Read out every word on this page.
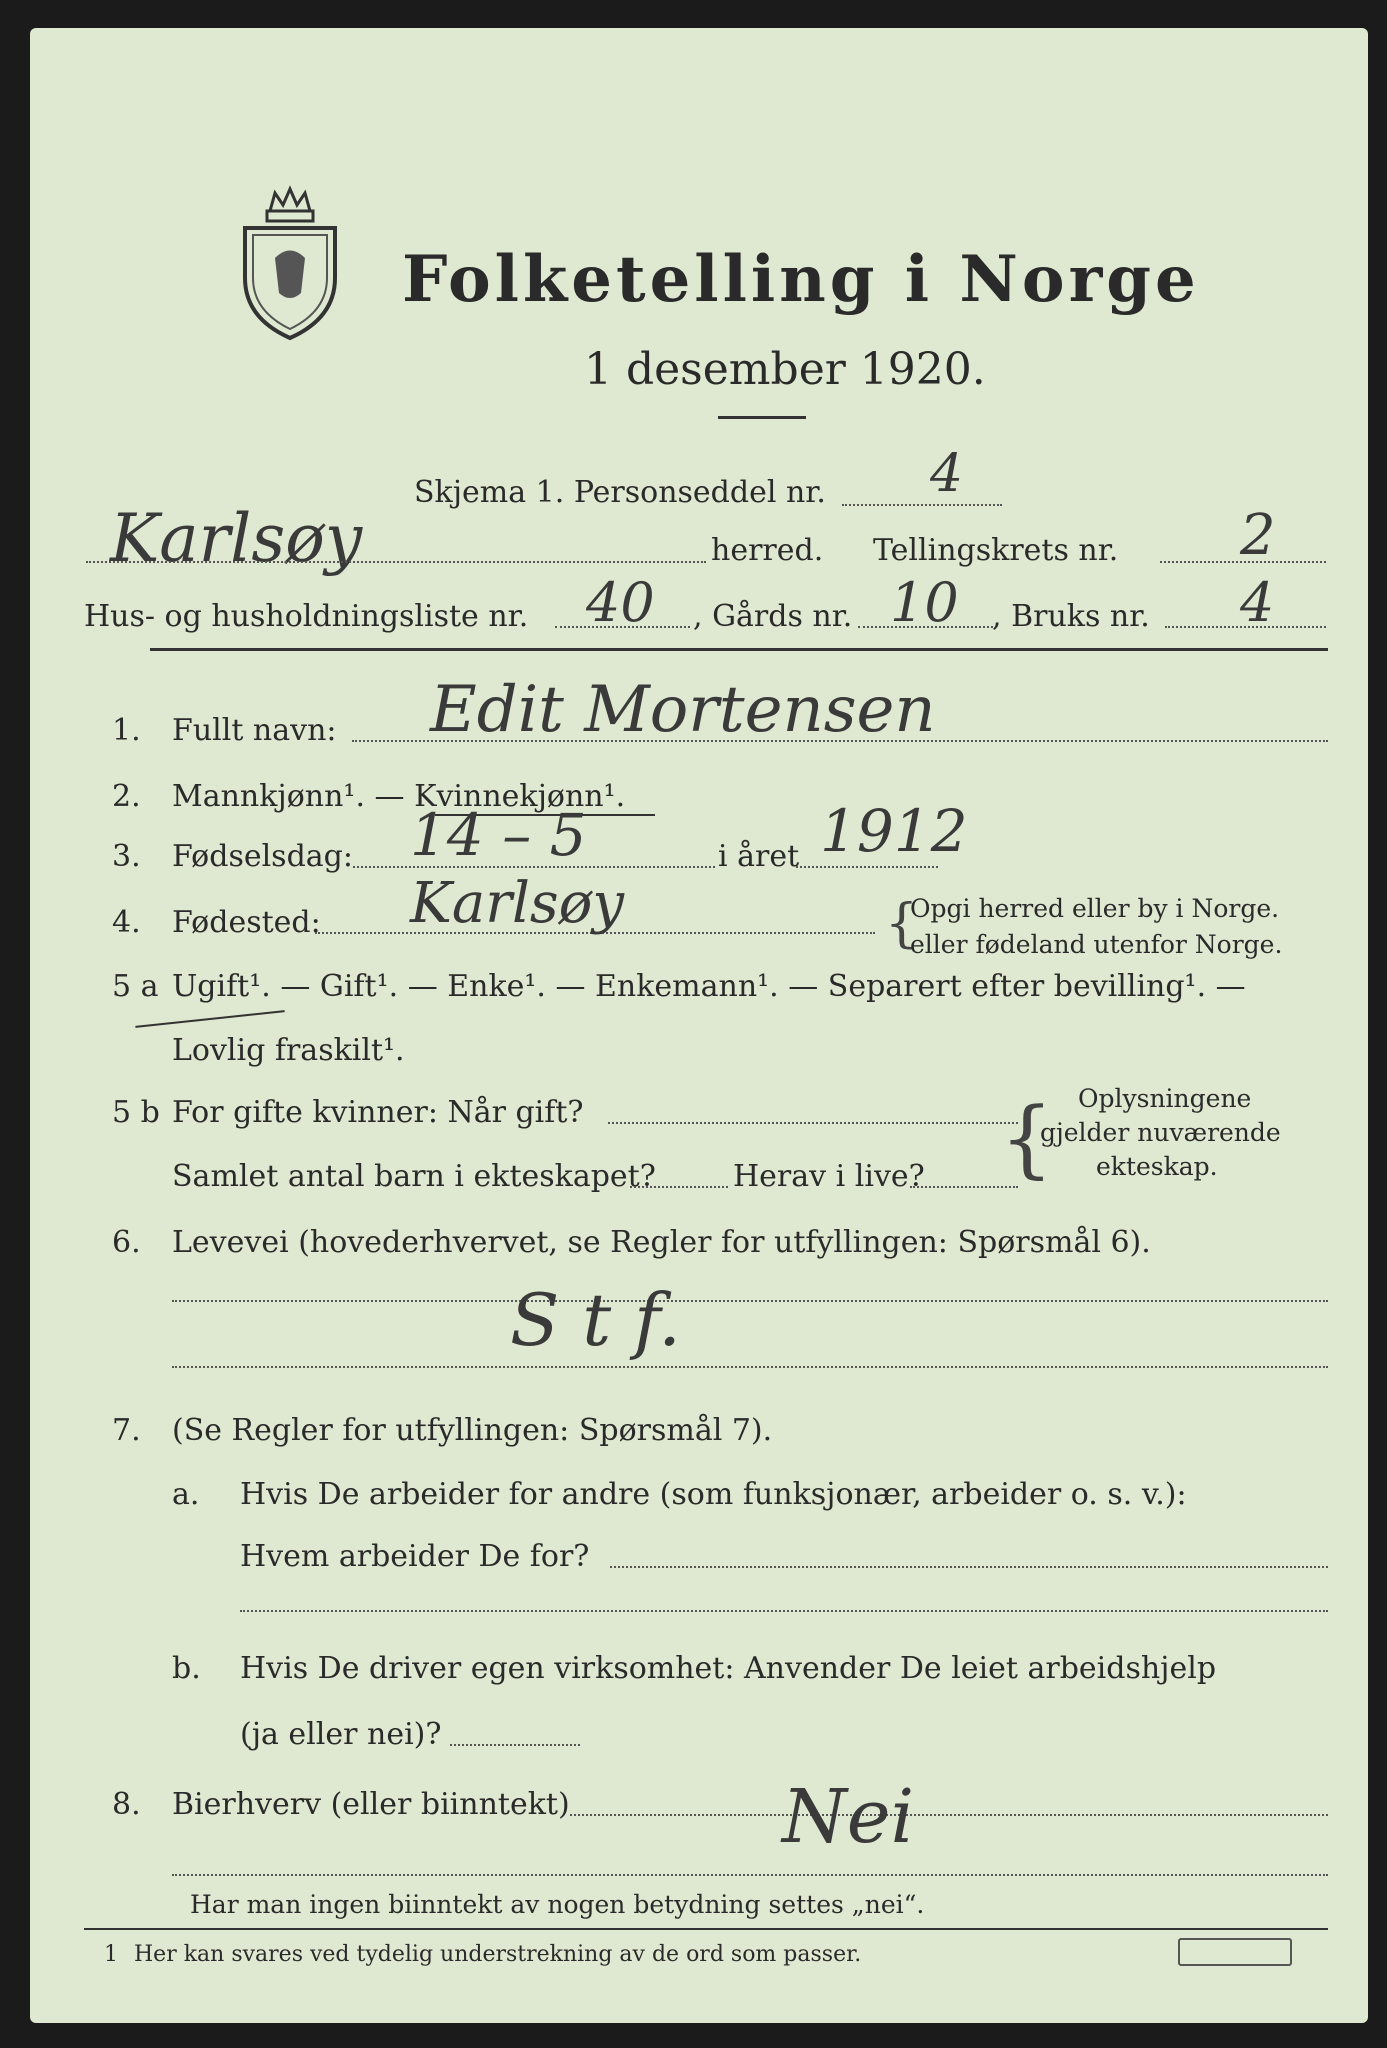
Folketelling i Norge
1 desember 1920.
Skjema 1. Personseddel nr. 4
Karlsøy	herred. Tellingskrets nr. 2
Hus- og husholdningsliste nr. 40 , Gårds nr. 10 , Bruks nr. 4
1. Fullt navn: Edit Mortensen
2. Mannkjønn¹. — Kvinnekjønn¹.
3. Fødselsdag: 14 – 5	i året 1912
4. Fødested: Karlsøy	Opgi herred eller by i Norge.
eller fødeland utenfor Norge.
{
5 a Ugift¹. — Gift¹. — Enke¹. — Enkemann¹. — Separert efter bevilling¹. —
Lovlig fraskilt¹.
5 b For gifte kvinner: Når gift?
Samlet antal barn i ekteskapet?	Herav i live? { Oplysningene
gjelder nuværende
ekteskap.
6. Levevei (hovederhvervet, se Regler for utfyllingen: Spørsmål 6).
S t f.
7. (Se Regler for utfyllingen: Spørsmål 7).
a. Hvis De arbeider for andre (som funksjonær, arbeider o. s. v.):
Hvem arbeider De for?
b. Hvis De driver egen virksomhet: Anvender De leiet arbeidshjelp
(ja eller nei)?
8. Bierhverv (eller biinntekt)	Nei
Har man ingen biinntekt av nogen betydning settes „nei“.
1 Her kan svares ved tydelig understrekning av de ord som passer.
